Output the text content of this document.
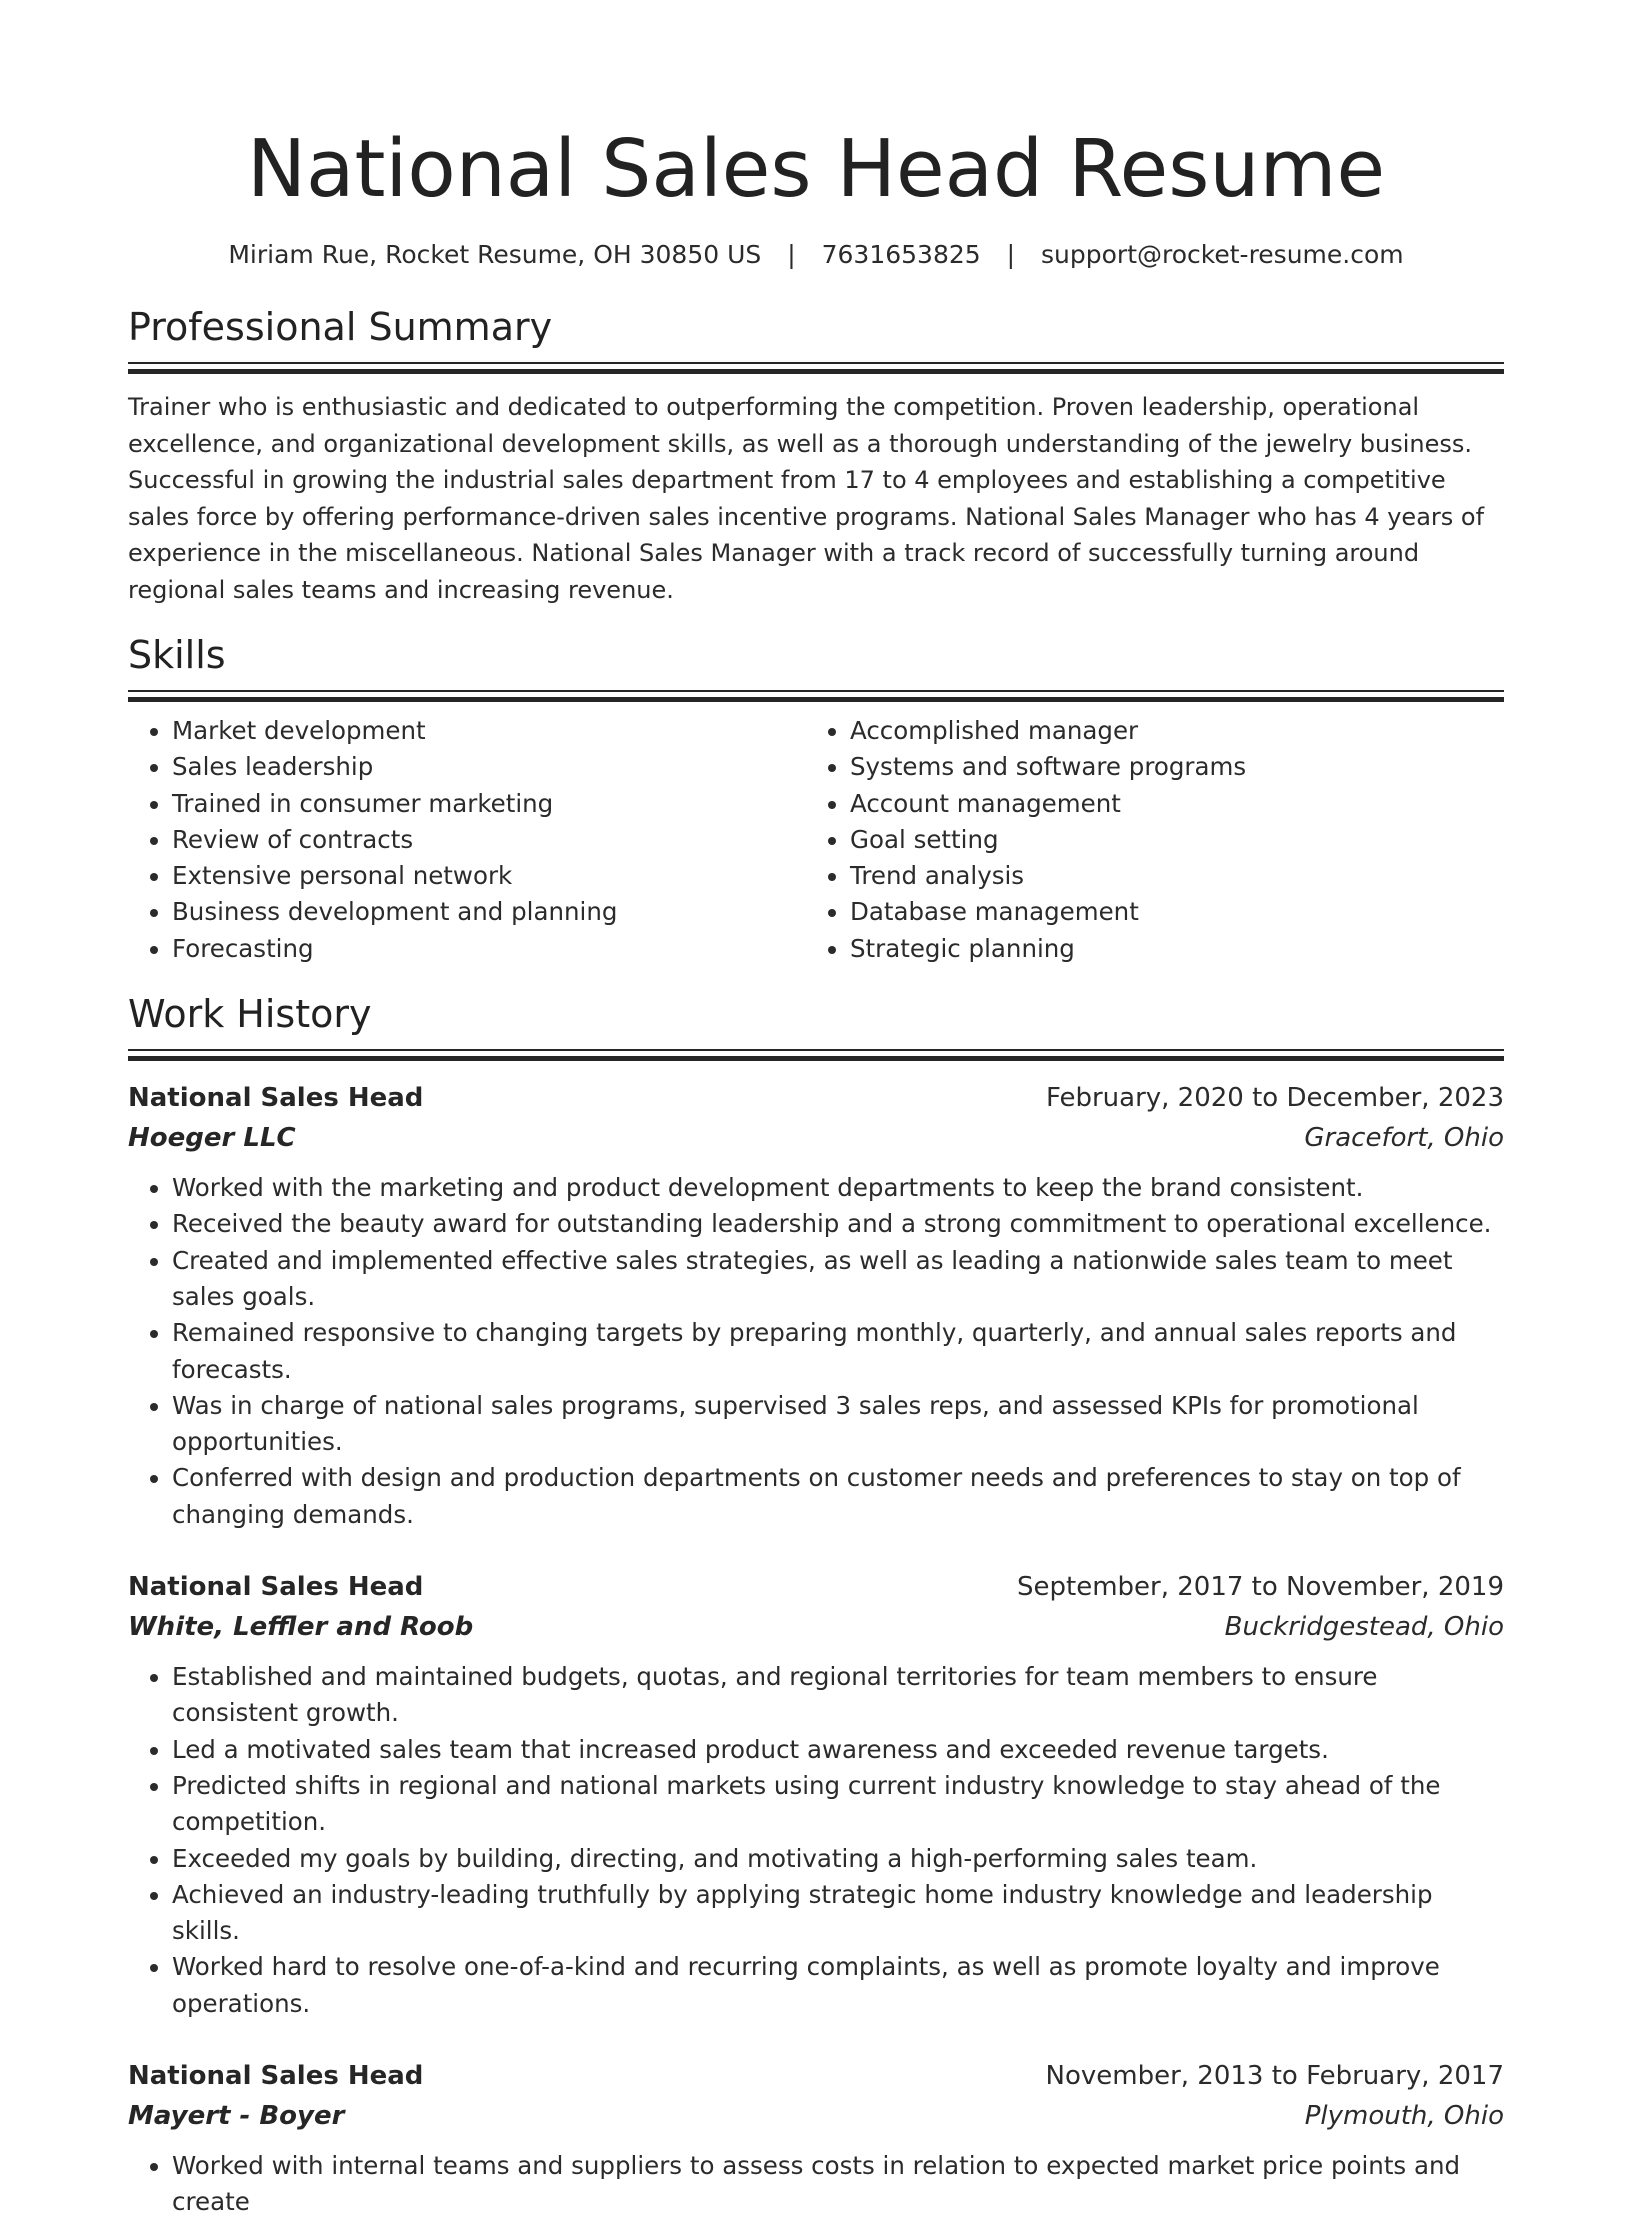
National Sales Head Resume
Miriam Rue, Rocket Resume, OH 30850 US | 7631653825 | support@rocket-resume.com
Professional Summary

Trainer who is enthusiastic and dedicated to outperforming the competition. Proven leadership, operational excellence, and organizational development skills, as well as a thorough understanding of the jewelry business. Successful in growing the industrial sales department from 17 to 4 employees and establishing a competitive sales force by offering performance-driven sales incentive programs. National Sales Manager who has 4 years of experience in the miscellaneous. National Sales Manager with a track record of successfully turning around regional sales teams and increasing revenue.

Skills
• Market development
• Sales leadership
• Trained in consumer marketing
• Review of contracts
• Extensive personal network
• Business development and planning
• Forecasting
• Accomplished manager
• Systems and software programs
• Account management
• Goal setting
• Trend analysis
• Database management
• Strategic planning
Work History
National Sales Head	February, 2020 to December, 2023
Hoeger LLC	Gracefort, Ohio
• Worked with the marketing and product development departments to keep the brand consistent.
• Received the beauty award for outstanding leadership and a strong commitment to operational excellence.
• Created and implemented effective sales strategies, as well as leading a nationwide sales team to meet sales goals.
• Remained responsive to changing targets by preparing monthly, quarterly, and annual sales reports and forecasts.
• Was in charge of national sales programs, supervised 3 sales reps, and assessed KPIs for promotional opportunities.
• Conferred with design and production departments on customer needs and preferences to stay on top of changing demands.
National Sales Head	September, 2017 to November, 2019
White, Leffler and Roob	Buckridgestead, Ohio
• Established and maintained budgets, quotas, and regional territories for team members to ensure consistent growth.
• Led a motivated sales team that increased product awareness and exceeded revenue targets.
• Predicted shifts in regional and national markets using current industry knowledge to stay ahead of the competition.
• Exceeded my goals by building, directing, and motivating a high-performing sales team.
• Achieved an industry-leading truthfully by applying strategic home industry knowledge and leadership skills.
• Worked hard to resolve one-of-a-kind and recurring complaints, as well as promote loyalty and improve operations.
National Sales Head	November, 2013 to February, 2017
Mayert - Boyer	Plymouth, Ohio
• Worked with internal teams and suppliers to assess costs in relation to expected market price points and create
